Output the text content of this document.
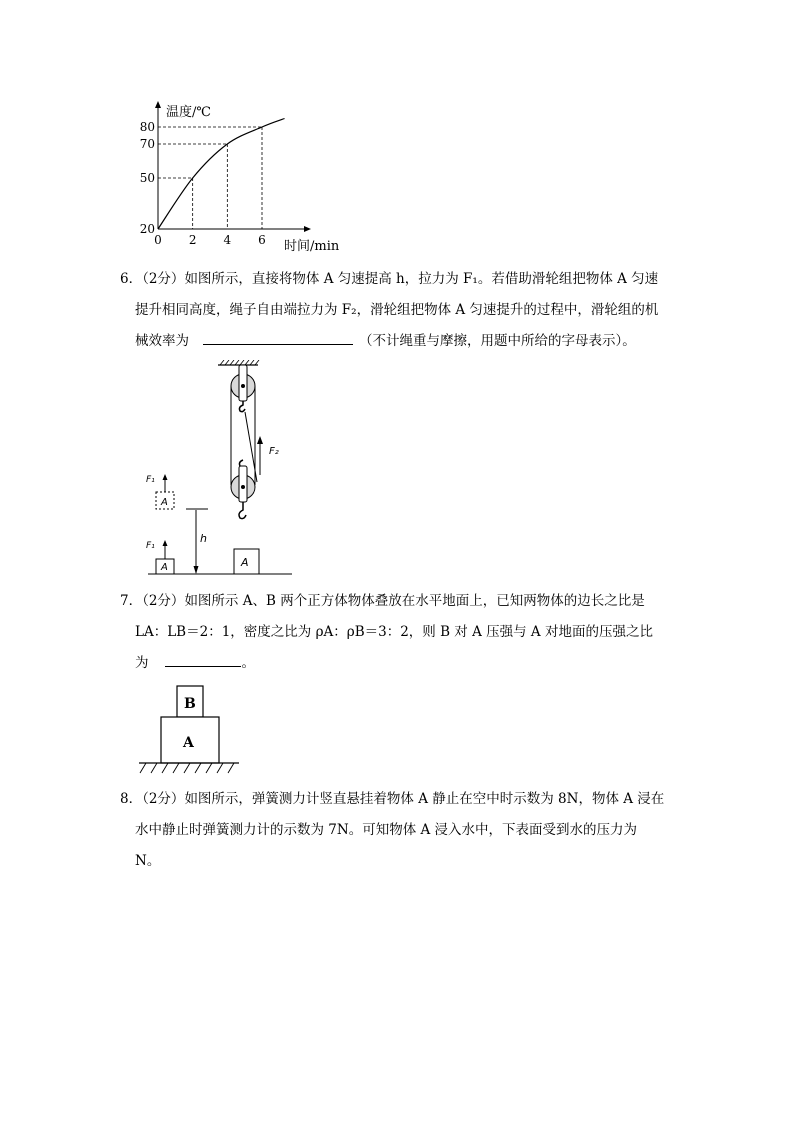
20
50
70
80
0 2 4 6
温度/℃
时间/min
6．（2分）如图所示，直接将物体 A 匀速提高 h，拉力为 F₁。若借助滑轮组把物体 A 匀速
提升相同高度，绳子自由端拉力为 F₂，滑轮组把物体 A 匀速提升的过程中，滑轮组的机
械效率为	（不计绳重与摩擦，用题中所给的字母表示）。
F₂
A
A
A
F₁
F₁
h
7．（2分）如图所示 A、B 两个正方体物体叠放在水平地面上，已知两物体的边长之比是
LA：LB＝2：1，密度之比为 ρA：ρB＝3：2，则 B 对 A 压强与 A 对地面的压强之比
为	。
B
A
8．（2分）如图所示，弹簧测力计竖直悬挂着物体 A 静止在空中时示数为 8N，物体 A 浸在
水中静止时弹簧测力计的示数为 7N。可知物体 A 浸入水中，下表面受到水的压力为
N。
